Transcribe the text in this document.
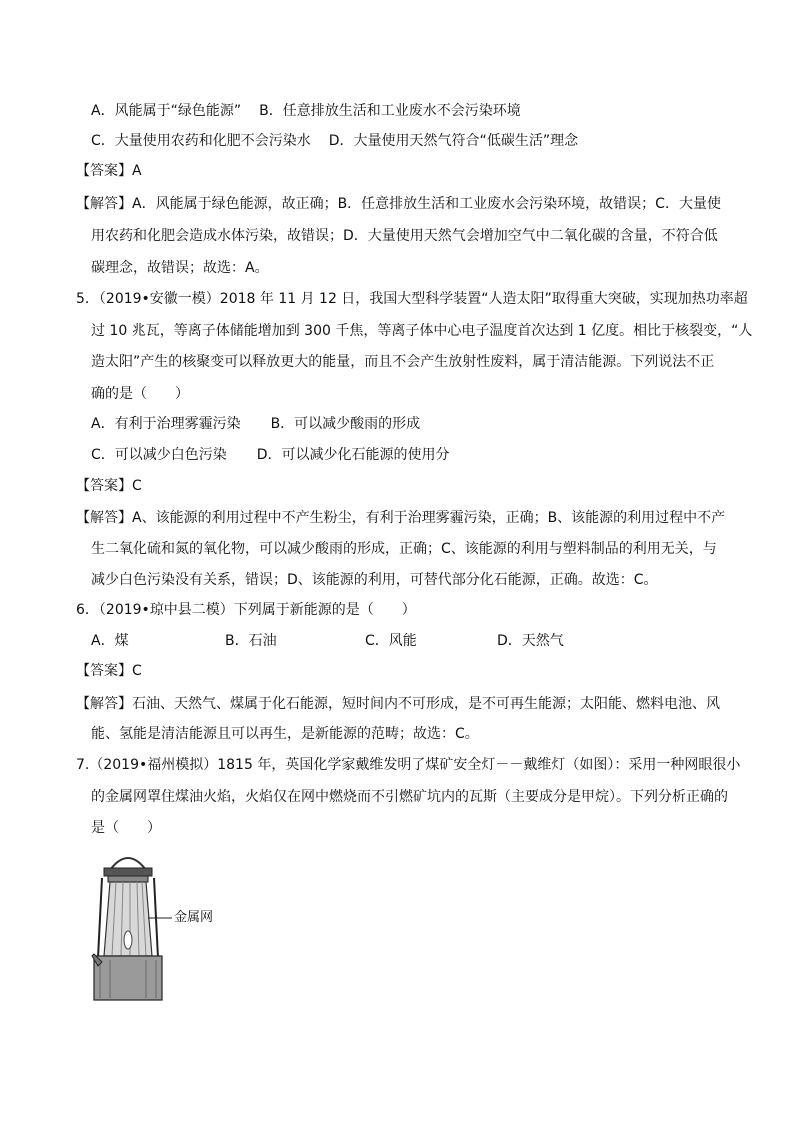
A．风能属于“绿色能源” B．任意排放生活和工业废水不会污染环境
C．大量使用农药和化肥不会污染水 D．大量使用天然气符合“低碳生活”理念
【答案】A
【解答】A．风能属于绿色能源，故正确；B．任意排放生活和工业废水会污染环境，故错误；C．大量使
用农药和化肥会造成水体污染，故错误；D．大量使用天然气会增加空气中二氧化碳的含量，不符合低
碳理念，故错误；故选：A。
5．（2019•安徽一模）2018 年 11 月 12 日，我国大型科学装置“人造太阳”取得重大突破，实现加热功率超
过 10 兆瓦，等离子体储能增加到 300 千焦，等离子体中心电子温度首次达到 1 亿度。相比于核裂变，“人
造太阳”产生的核聚变可以释放更大的能量，而且不会产生放射性废料，属于清洁能源。下列说法不正
确的是（　　）
A．有利于治理雾霾污染 B．可以减少酸雨的形成
C．可以减少白色污染 D．可以减少化石能源的使用分
【答案】C
【解答】A、该能源的利用过程中不产生粉尘，有利于治理雾霾污染，正确；B、该能源的利用过程中不产
生二氧化硫和氮的氧化物，可以减少酸雨的形成，正确；C、该能源的利用与塑料制品的利用无关，与
减少白色污染没有关系，错误；D、该能源的利用，可替代部分化石能源，正确。故选：C。
6．（2019•琼中县二模）下列属于新能源的是（　　）
A．煤	B．石油	C．风能	D．天然气
【答案】C
【解答】石油、天然气、煤属于化石能源，短时间内不可形成，是不可再生能源；太阳能、燃料电池、风
能、氢能是清洁能源且可以再生，是新能源的范畴；故选：C。
7.（2019•福州模拟）1815 年，英国化学家戴维发明了煤矿安全灯－－戴维灯（如图）：采用一种网眼很小
的金属网罩住煤油火焰，火焰仅在网中燃烧而不引燃矿坑内的瓦斯（主要成分是甲烷）。下列分析正确的
是（　　）
金属网
